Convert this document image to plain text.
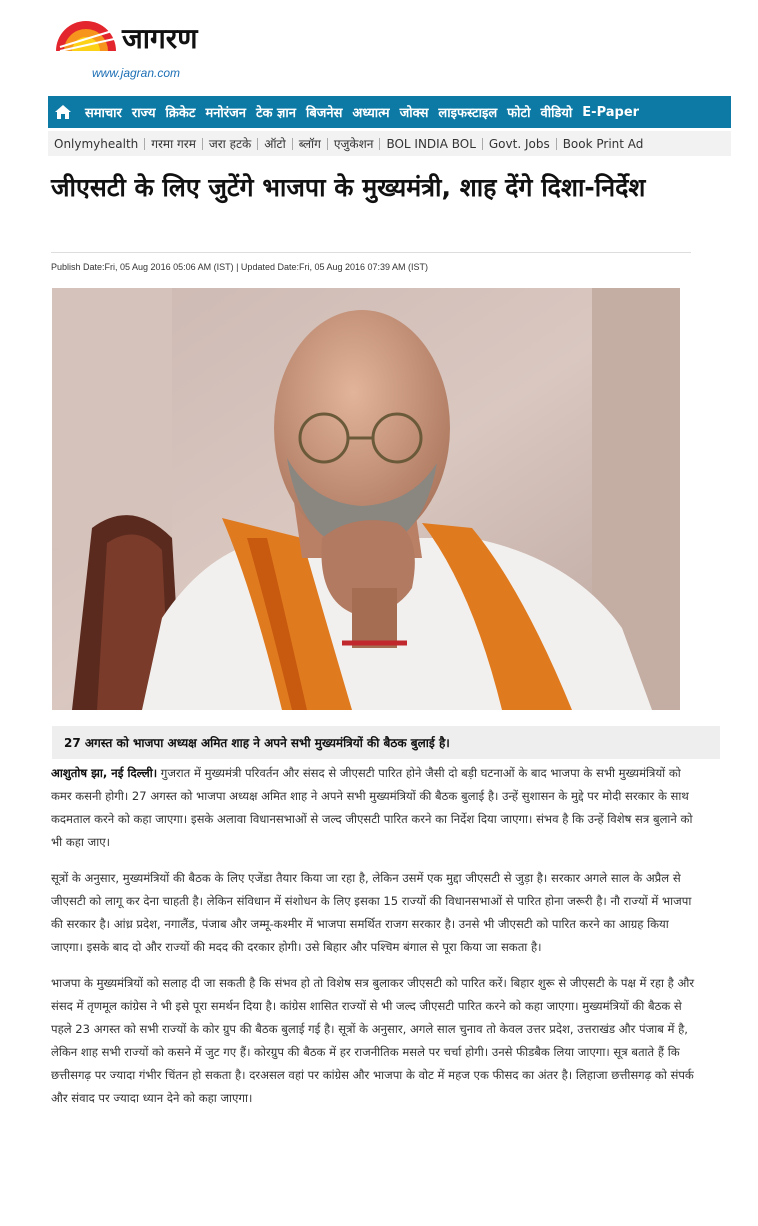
जागरण
www.jagran.com
समाचार राज्य क्रिकेट मनोरंजन टेक ज्ञान बिजनेस अध्यात्म जोक्स लाइफस्टाइल फोटो वीडियो E-Paper
Onlymyhealth	गरमा गरम	जरा हटके	ऑटो	ब्लॉग	एजुकेशन	BOL INDIA BOL	Govt. Jobs	Book Print Ad
जीएसटी के लिए जुटेंगे भाजपा के मुख्यमंत्री, शाह देंगे दिशा-निर्देश
Publish Date:Fri, 05 Aug 2016 05:06 AM (IST) | Updated Date:Fri, 05 Aug 2016 07:39 AM (IST)
27 अगस्त को भाजपा अध्यक्ष अमित शाह ने अपने सभी मुख्यमंत्रियों की बैठक बुलाई है।

आशुतोष झा, नई दिल्ली। गुजरात में मुख्यमंत्री परिवर्तन और संसद से जीएसटी पारित होने जैसी दो बड़ी घटनाओं के बाद भाजपा के सभी मुख्यमंत्रियों को कमर कसनी होगी। 27 अगस्त को भाजपा अध्यक्ष अमित शाह ने अपने सभी मुख्यमंत्रियों की बैठक बुलाई है। उन्हें सुशासन के मुद्दे पर मोदी सरकार के साथ कदमताल करने को कहा जाएगा। इसके अलावा विधानसभाओं से जल्द जीएसटी पारित करने का निर्देश दिया जाएगा। संभव है कि उन्हें विशेष सत्र बुलाने को भी कहा जाए।

सूत्रों के अनुसार, मुख्यमंत्रियों की बैठक के लिए एजेंडा तैयार किया जा रहा है, लेकिन उसमें एक मुद्दा जीएसटी से जुड़ा है। सरकार अगले साल के अप्रैल से जीएसटी को लागू कर देना चाहती है। लेकिन संविधान में संशोधन के लिए इसका 15 राज्यों की विधानसभाओं से पारित होना जरूरी है। नौ राज्यों में भाजपा की सरकार है। आंध्र प्रदेश, नगालैंड, पंजाब और जम्मू-कश्मीर में भाजपा समर्थित राजग सरकार है। उनसे भी जीएसटी को पारित करने का आग्रह किया जाएगा। इसके बाद दो और राज्यों की मदद की दरकार होगी। उसे बिहार और पश्चिम बंगाल से पूरा किया जा सकता है।

भाजपा के मुख्यमंत्रियों को सलाह दी जा सकती है कि संभव हो तो विशेष सत्र बुलाकर जीएसटी को पारित करें। बिहार शुरू से जीएसटी के पक्ष में रहा है और संसद में तृणमूल कांग्रेस ने भी इसे पूरा समर्थन दिया है। कांग्रेस शासित राज्यों से भी जल्द जीएसटी पारित करने को कहा जाएगा। मुख्यमंत्रियों की बैठक से पहले 23 अगस्त को सभी राज्यों के कोर ग्रुप की बैठक बुलाई गई है। सूत्रों के अनुसार, अगले साल चुनाव तो केवल उत्तर प्रदेश, उत्तराखंड और पंजाब में है, लेकिन शाह सभी राज्यों को कसने में जुट गए हैं। कोरग्रुप की बैठक में हर राजनीतिक मसले पर चर्चा होगी। उनसे फीडबैक लिया जाएगा। सूत्र बताते हैं कि छत्तीसगढ़ पर ज्यादा गंभीर चिंतन हो सकता है। दरअसल वहां पर कांग्रेस और भाजपा के वोट में महज एक फीसद का अंतर है। लिहाजा छत्तीसगढ़ को संपर्क और संवाद पर ज्यादा ध्यान देने को कहा जाएगा।
